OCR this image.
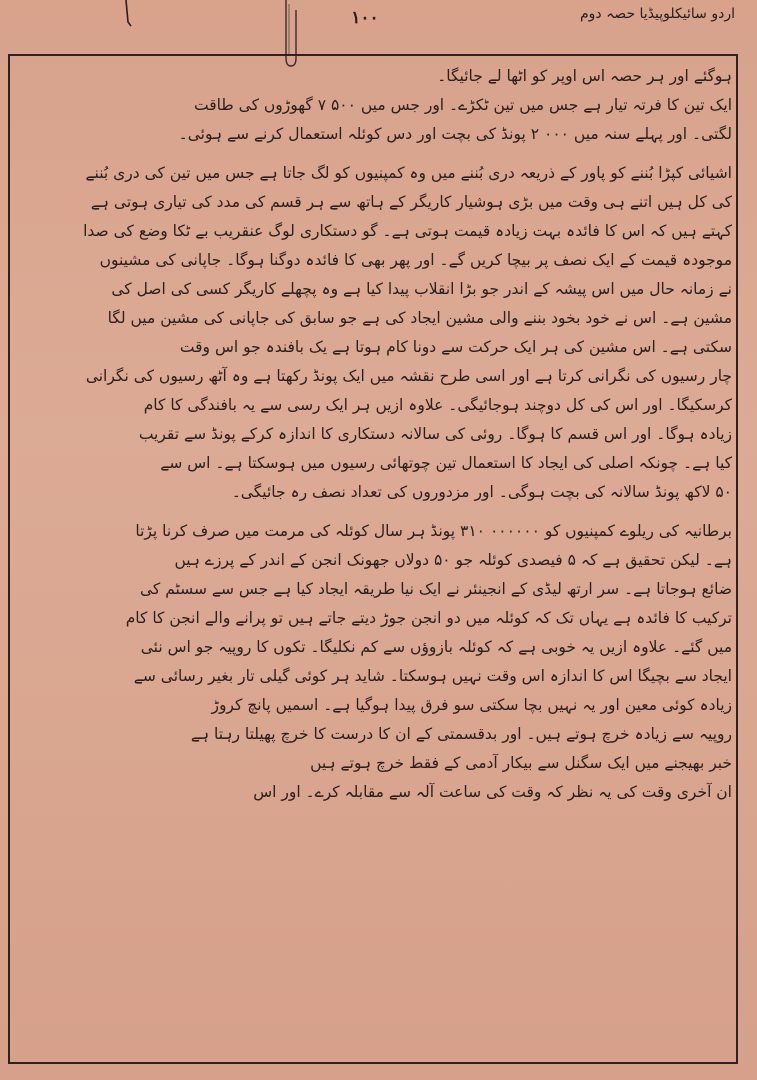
۱۰۰	اردو سائیکلوپیڈیا حصہ دوم
ہوگئے اور ہر حصہ اس اوپر کو اٹھا لے جائیگا۔
ایک تین کا فرتہ تیار ہے جس میں تین ٹکڑے۔ اور جس میں ۵۰۰ ۷ گھوڑوں کی طاقت
لگتی۔ اور پہلے سنہ میں ۰۰۰ ۲ پونڈ کی بچت اور دس کوئلہ استعمال کرنے سے ہوئی۔
اشیائی کپڑا بُننے کو پاور کے ذریعہ دری بُننے میں وہ کمپنیوں کو لگ جاتا ہے جس میں تین کی دری بُننے
کی کل ہیں اتنے ہی وقت میں بڑی ہوشیار کاریگر کے ہاتھ سے ہر قسم کی مدد کی تیاری ہوتی ہے
کہتے ہیں کہ اس کا فائدہ بہت زیادہ قیمت ہوتی ہے۔ گو دستکاری لوگ عنقریب بے ٹکا وضع کی صدا
موجودہ قیمت کے ایک نصف پر بیچا کریں گے۔ اور پھر بھی کا فائدہ دوگنا ہوگا۔ جاپانی کی مشینوں
نے زمانہ حال میں اس پیشہ کے اندر جو بڑا انقلاب پیدا کیا ہے وہ پچھلے کاریگر کسی کی اصل کی
مشین ہے۔ اس نے خود بخود بننے والی مشین ایجاد کی ہے جو سابق کی جاپانی کی مشین میں لگا
سکتی ہے۔ اس مشین کی ہر ایک حرکت سے دونا کام ہوتا ہے یک بافندہ جو اس وقت
چار رسیوں کی نگرانی کرتا ہے اور اسی طرح نقشہ میں ایک پونڈ رکھتا ہے وہ آٹھ رسیوں کی نگرانی
کرسکیگا۔ اور اس کی کل دوچند ہوجائیگی۔ علاوہ ازیں ہر ایک رسی سے یہ بافندگی کا کام
زیادہ ہوگا۔ اور اس قسم کا ہوگا۔ روئی کی سالانہ دستکاری کا اندازہ کرکے پونڈ سے تقریب
کیا ہے۔ چونکہ اصلی کی ایجاد کا استعمال تین چوتھائی رسیوں میں ہوسکتا ہے۔ اس سے
۵۰ لاکھ پونڈ سالانہ کی بچت ہوگی۔ اور مزدوروں کی تعداد نصف رہ جائیگی۔
برطانیہ کی ریلوے کمپنیوں کو ۰۰۰۰۰۰ ۳۱۰ پونڈ ہر سال کوئلہ کی مرمت میں صرف کرنا پڑتا
ہے۔ لیکن تحقیق ہے کہ ۵ فیصدی کوئلہ جو ۵۰ دولاں جھونک انجن کے اندر کے پرزے ہیں
ضائع ہوجاتا ہے۔ سر ارتھ لیڈی کے انجینئر نے ایک نیا طریقہ ایجاد کیا ہے جس سے سسٹم کی
ترکیب کا فائدہ ہے یہاں تک کہ کوئلہ میں دو انجن جوڑ دیتے جاتے ہیں تو پرانے والے انجن کا کام
میں گئے۔ علاوہ ازیں یہ خوبی ہے کہ کوئلہ بازوؤں سے کم نکلیگا۔ تکوں کا روپیہ جو اس نئی
ایجاد سے بچیگا اس کا اندازہ اس وقت نہیں ہوسکتا۔ شاید ہر کوئی گیلی تار بغیر رسائی سے
زیادہ کوئی معین اور یہ نہیں بچا سکتی سو فرق پیدا ہوگیا ہے۔ اسمیں پانچ کروڑ
روپیہ سے زیادہ خرچ ہوتے ہیں۔ اور بدقسمتی کے ان کا درست کا خرچ پھیلتا رہتا ہے
خبر بھیجنے میں ایک سگنل سے بیکار آدمی کے فقط خرچ ہوتے ہیں
ان آخری وقت کی یہ نظر کہ وقت کی ساعت آلہ سے مقابلہ کرے۔ اور اس
